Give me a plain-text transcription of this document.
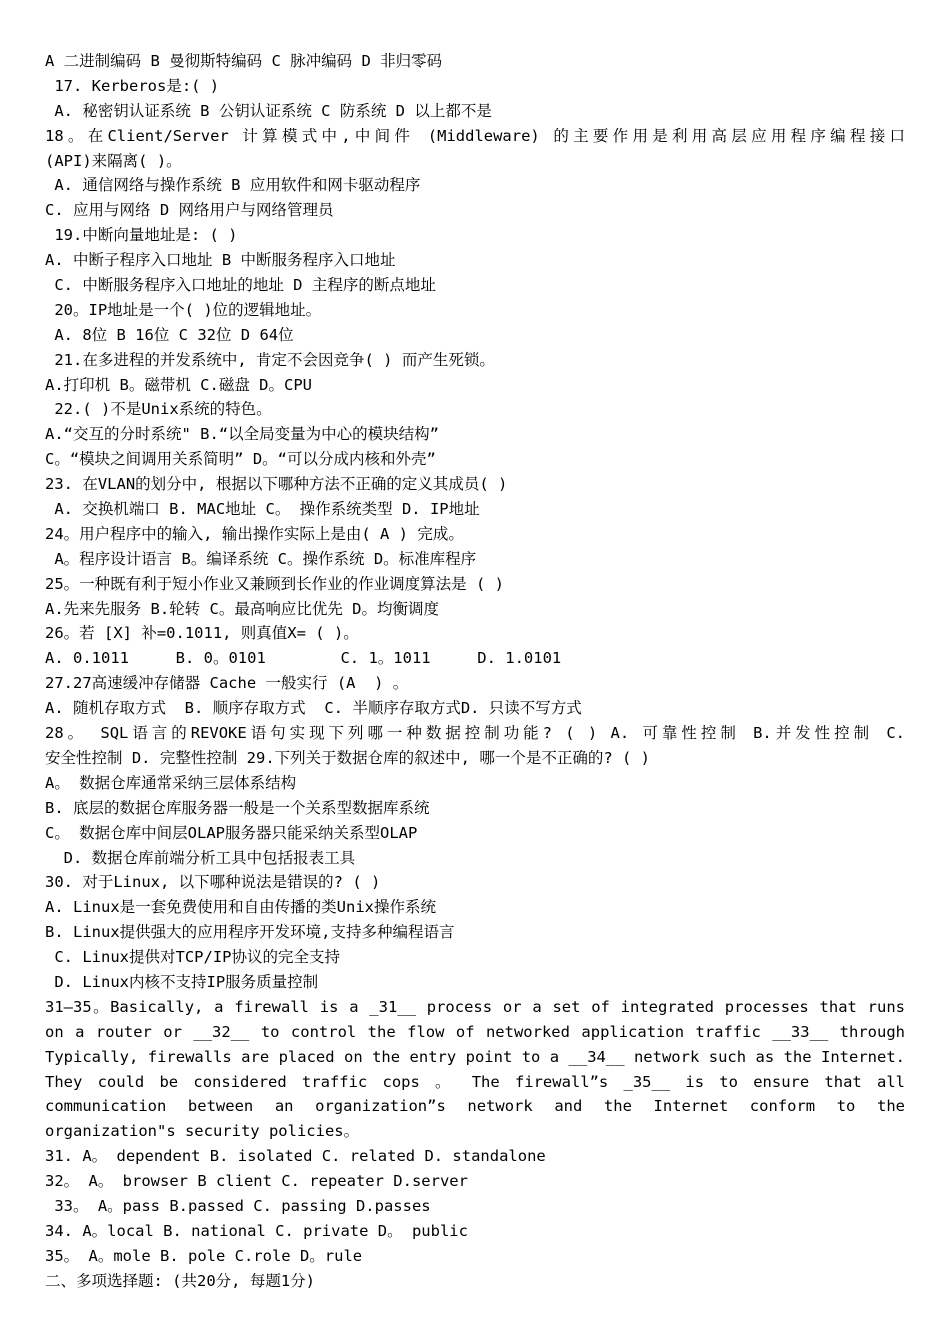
A 二进制编码 B 曼彻斯特编码 C 脉冲编码 D 非归零码
17. Kerberos是:( )
A. 秘密钥认证系统 B 公钥认证系统 C 防系统 D 以上都不是
18。在Client/Server 计算模式中,中间件 (Middleware) 的主要作用是利用高层应用程序编程接口
(API)来隔离( )。
A. 通信网络与操作系统 B 应用软件和网卡驱动程序
C. 应用与网络 D 网络用户与网络管理员
19.中断向量地址是: ( )
A. 中断子程序入口地址 B 中断服务程序入口地址
C. 中断服务程序入口地址的地址 D 主程序的断点地址
20。IP地址是一个( )位的逻辑地址。
A. 8位 B 16位 C 32位 D 64位
21.在多进程的并发系统中, 肯定不会因竞争( ) 而产生死锁。
A.打印机 B。磁带机 C.磁盘 D。CPU
22.( )不是Unix系统的特色。
A.“交互的分时系统" B.“以全局变量为中心的模块结构”
C。“模块之间调用关系简明” D。“可以分成内核和外壳”
23. 在VLAN的划分中, 根据以下哪种方法不正确的定义其成员( )
A. 交换机端口 B. MAC地址 C。 操作系统类型 D. IP地址
24。用户程序中的输入, 输出操作实际上是由( A ) 完成。
A。程序设计语言 B。编译系统 C。操作系统 D。标准库程序
25。一种既有利于短小作业又兼顾到长作业的作业调度算法是 ( )
A.先来先服务 B.轮转 C。最高响应比优先 D。均衡调度
26。若 [X] 补=0.1011, 则真值X= ( )。
A. 0.1011     B. 0。0101        C. 1。1011     D. 1.0101
27.27高速缓冲存储器 Cache 一般实行 (A  ) 。
A. 随机存取方式  B. 顺序存取方式  C. 半顺序存取方式D. 只读不写方式
28。 SQL语言的REVOKE语句实现下列哪一种数据控制功能? ( ) A. 可靠性控制 B.并发性控制 C.
安全性控制 D. 完整性控制 29.下列关于数据仓库的叙述中, 哪一个是不正确的? ( )
A。 数据仓库通常采纳三层体系结构
B. 底层的数据仓库服务器一般是一个关系型数据库系统
C。 数据仓库中间层OLAP服务器只能采纳关系型OLAP
D. 数据仓库前端分析工具中包括报表工具
30. 对于Linux, 以下哪种说法是错误的? ( )
A. Linux是一套免费使用和自由传播的类Unix操作系统
B. Linux提供强大的应用程序开发环境,支持多种编程语言
C. Linux提供对TCP/IP协议的完全支持
D. Linux内核不支持IP服务质量控制
31—35。Basically, a firewall is a _31__ process or a set of integrated processes that runs
on a router or __32__ to control the flow of networked application traffic __33__ through
Typically, firewalls are placed on the entry point to a __34__ network such as the Internet.
They could be considered traffic cops 。 The firewall”s _35__ is to ensure that all
communication between an organization”s network and the Internet conform to the
organization"s security policies。
31. A。 dependent B. isolated C. related D. standalone
32。 A。 browser B client C. repeater D.server
33。 A。pass B.passed C. passing D.passes
34. A。local B. national C. private D。 public
35。 A。mole B. pole C.role D。rule
二、多项选择题: (共20分, 每题1分)
